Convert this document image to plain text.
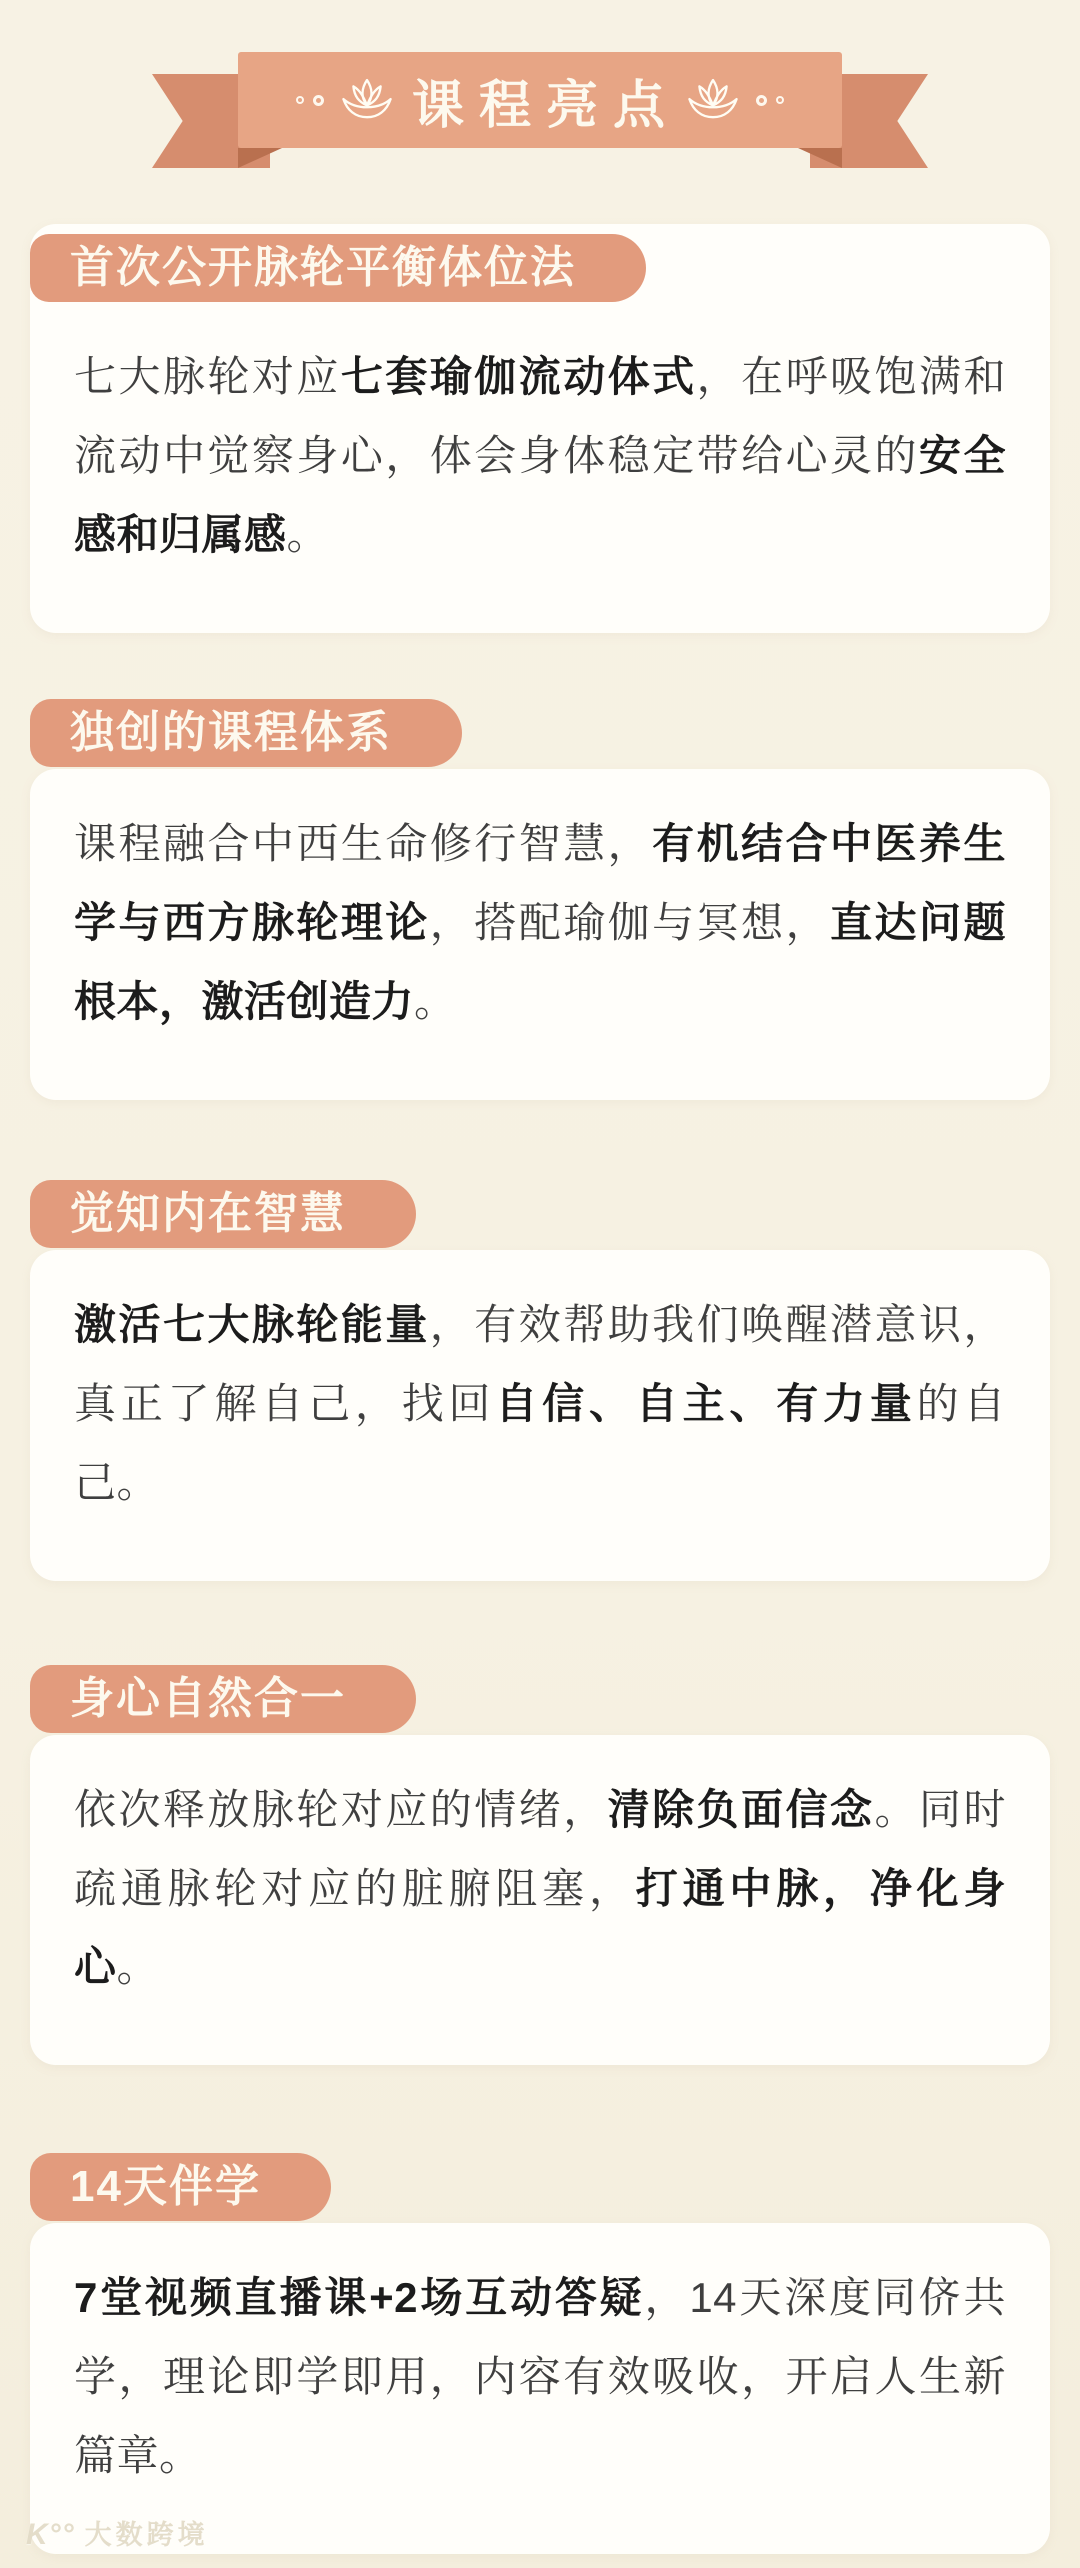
课程亮点
首次公开脉轮平衡体位法

七大脉轮对应七套瑜伽流动体式，在呼吸饱满和流动中觉察身心，体会身体稳定带给心灵的安全感和归属感。

独创的课程体系

课程融合中西生命修行智慧，有机结合中医养生学与西方脉轮理论，搭配瑜伽与冥想，直达问题根本，激活创造力。

觉知内在智慧

激活七大脉轮能量，有效帮助我们唤醒潜意识，真正了解自己，找回自信、自主、有力量的自己。

身心自然合一

依次释放脉轮对应的情绪，清除负面信念。同时疏通脉轮对应的脏腑阻塞，打通中脉，净化身心。

14天伴学

7堂视频直播课+2场互动答疑，14天深度同侪共学，理论即学即用，内容有效吸收，开启人生新篇章。

K°° 大数跨境
